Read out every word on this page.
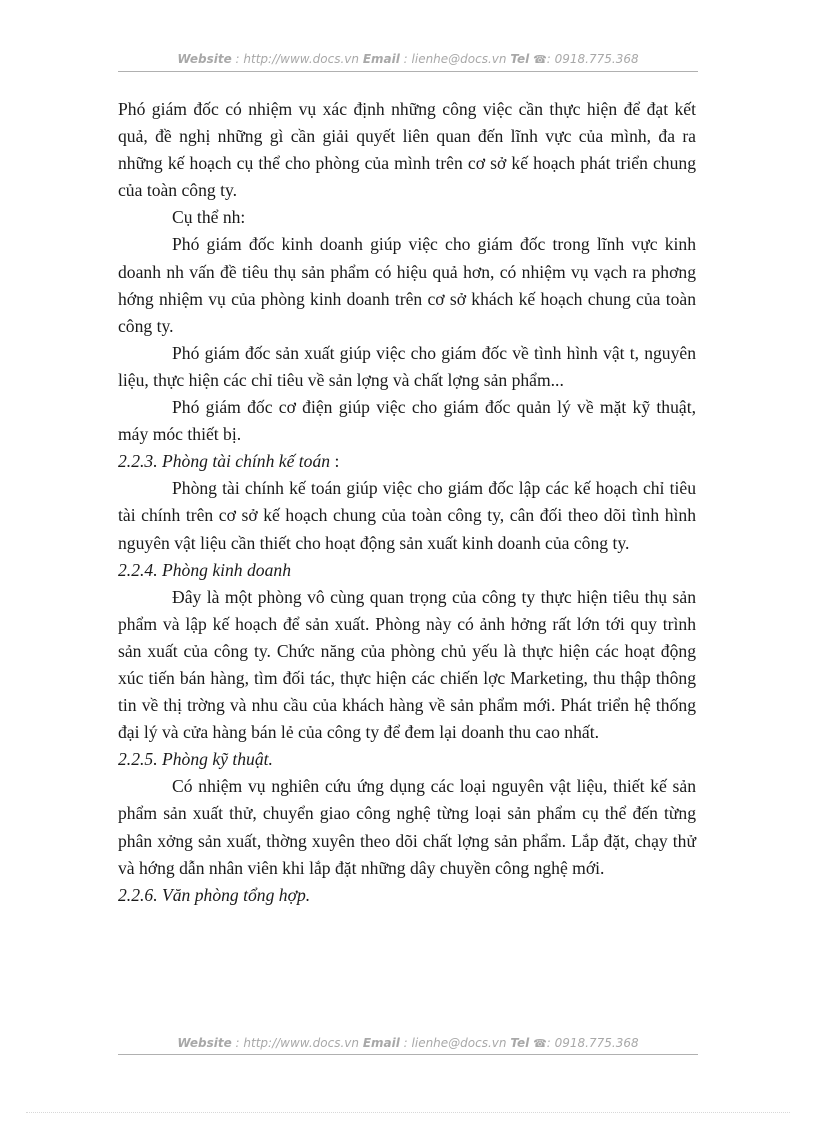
Website : http://www.docs.vn Email : lienhe@docs.vn Tel ☎: 0918.775.368

Phó giám đốc có nhiệm vụ xác định những công việc cần thực hiện để đạt kết quả, đề nghị những gì cần giải quyết liên quan đến lĩnh vực của mình, đa ra những kế hoạch cụ thể cho phòng của mình trên cơ sở kế hoạch phát triển chung của toàn công ty.

Cụ thể nh:

Phó giám đốc kinh doanh giúp việc cho giám đốc trong lĩnh vực kinh doanh nh vấn đề tiêu thụ sản phẩm có hiệu quả hơn, có nhiệm vụ vạch ra phơng hớng nhiệm vụ của phòng kinh doanh trên cơ sở khách kế hoạch chung của toàn công ty.

Phó giám đốc sản xuất giúp việc cho giám đốc về tình hình vật t, nguyên liệu, thực hiện các chỉ tiêu về sản lợng và chất lợng sản phẩm...

Phó giám đốc cơ điện giúp việc cho giám đốc quản lý về mặt kỹ thuật, máy móc thiết bị.

2.2.3. Phòng tài chính kế toán :

Phòng tài chính kế toán giúp việc cho giám đốc lập các kế hoạch chỉ tiêu tài chính trên cơ sở kế hoạch chung của toàn công ty, cân đối theo dõi tình hình nguyên vật liệu cần thiết cho hoạt động sản xuất kinh doanh của công ty.

2.2.4. Phòng kinh doanh

Đây là một phòng vô cùng quan trọng của công ty thực hiện tiêu thụ sản phẩm và lập kế hoạch để sản xuất. Phòng này có ảnh hởng rất lớn tới quy trình sản xuất của công ty. Chức năng của phòng chủ yếu là thực hiện các hoạt động xúc tiến bán hàng, tìm đối tác, thực hiện các chiến lợc Marketing, thu thập thông tin về thị trờng và nhu cầu của khách hàng về sản phẩm mới. Phát triển hệ thống đại lý và cửa hàng bán lẻ của công ty để đem lại doanh thu cao nhất.

2.2.5. Phòng kỹ thuật.

Có nhiệm vụ nghiên cứu ứng dụng các loại nguyên vật liệu, thiết kế sản phẩm sản xuất thử, chuyển giao công nghệ từng loại sản phẩm cụ thể đến từng phân xởng sản xuất, thờng xuyên theo dõi chất lợng sản phẩm. Lắp đặt, chạy thử và hớng dẫn nhân viên khi lắp đặt những dây chuyền công nghệ mới.

2.2.6. Văn phòng tổng hợp.
Website : http://www.docs.vn Email : lienhe@docs.vn Tel ☎: 0918.775.368
